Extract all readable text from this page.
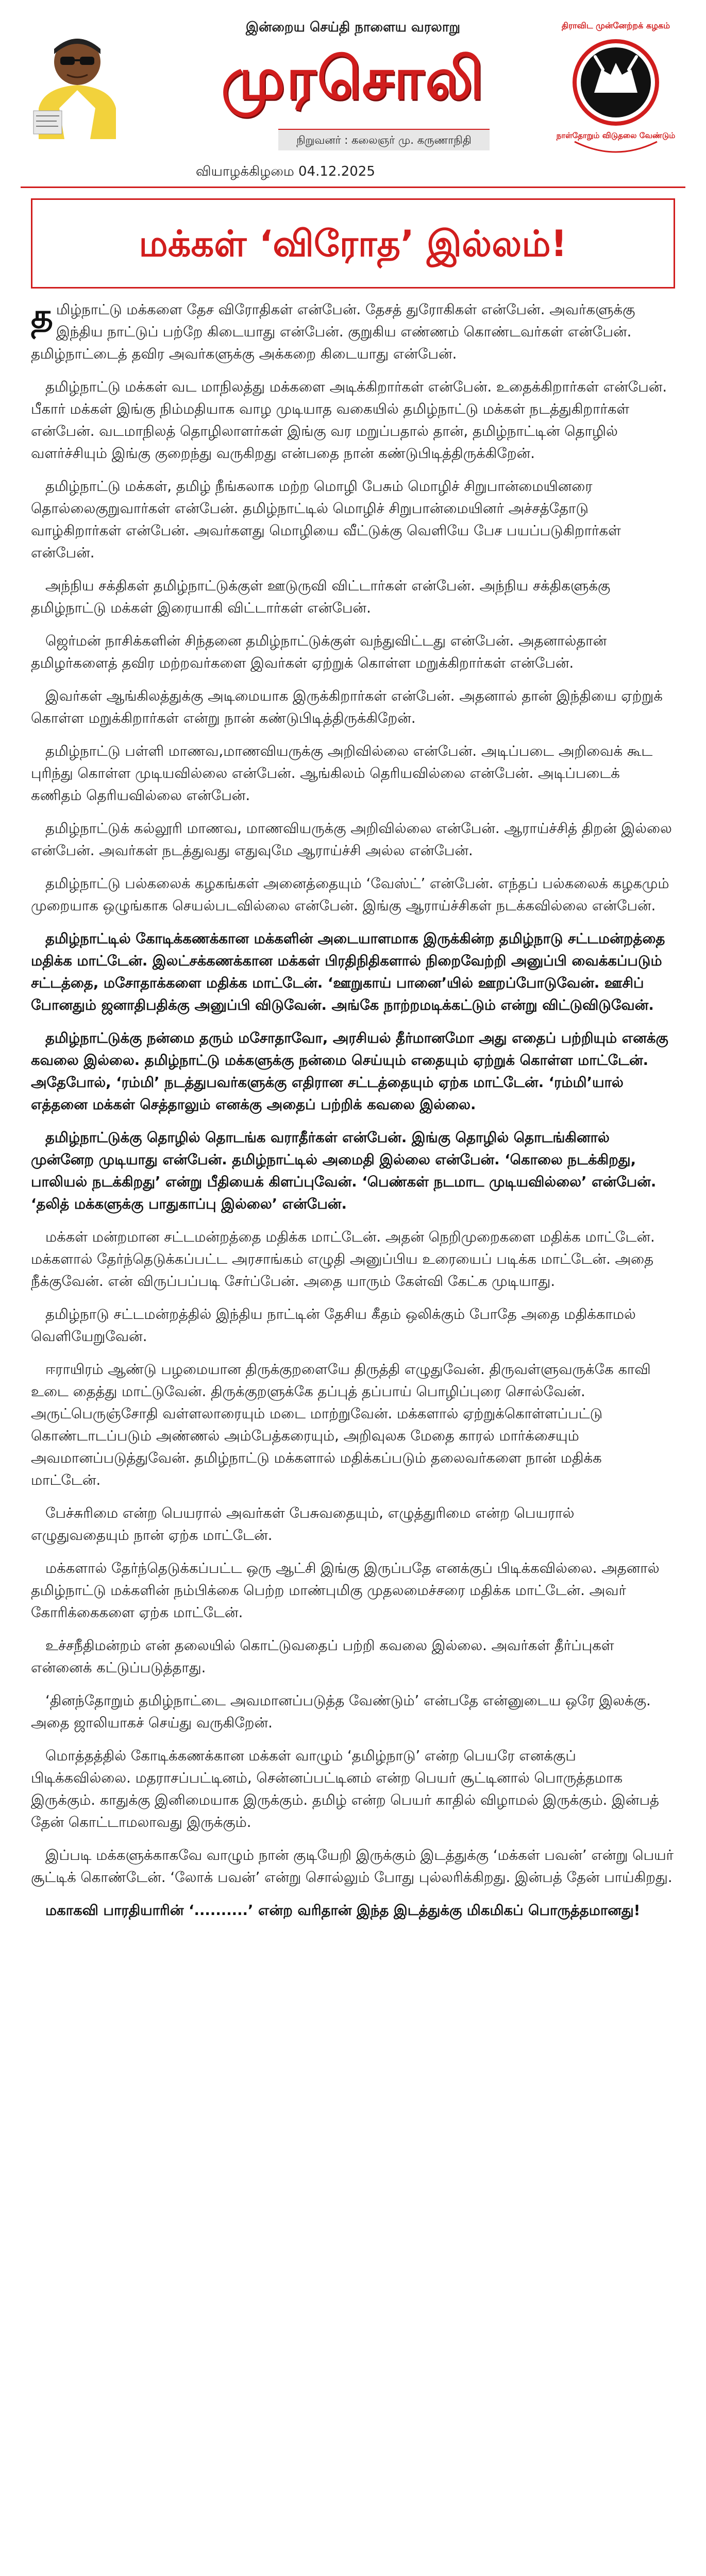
இன்றைய செய்தி நாளைய வரலாறு
முரசொலி
நிறுவனர் : கலைஞர் மு. கருணாநிதி
திராவிட முன்னேற்றக் கழகம்
நாள்தோறும் விடுதலை வேண்டும்
வியாழக்கிழமை 04.12.2025
மக்கள் ‘விரோத’ இல்லம்!

தமிழ்நாட்டு மக்களை தேச விரோதிகள் என்பேன். தேசத் துரோகிகள் என்பேன். அவர்களுக்கு இந்திய நாட்டுப் பற்றே கிடையாது என்பேன். குறுகிய எண்ணம் கொண்டவர்கள் என்பேன். தமிழ்நாட்டைத் தவிர அவர்களுக்கு அக்கறை கிடையாது என்பேன்.

தமிழ்நாட்டு மக்கள் வட மாநிலத்து மக்களை அடிக்கிறார்கள் என்பேன். உதைக்கிறார்கள் என்பேன். பீகார் மக்கள் இங்கு நிம்மதியாக வாழ முடியாத வகையில் தமிழ்நாட்டு மக்கள் நடத்துகிறார்கள் என்பேன். வடமாநிலத் தொழிலாளர்கள் இங்கு வர மறுப்பதால் தான், தமிழ்நாட்டின் தொழில் வளர்ச்சியும் இங்கு குறைந்து வருகிறது என்பதை நான் கண்டுபிடித்திருக்கிறேன்.

தமிழ்நாட்டு மக்கள், தமிழ் நீங்கலாக மற்ற மொழி பேசும் மொழிச் சிறுபான்மையினரை தொல்லைகுறுவார்கள் என்பேன். தமிழ்நாட்டில் மொழிச் சிறுபான்மையினர் அச்சத்தோடு வாழ்கிறார்கள் என்பேன். அவர்களது மொழியை வீட்டுக்கு வெளியே பேச பயப்படுகிறார்கள் என்பேன்.

அந்நிய சக்திகள் தமிழ்நாட்டுக்குள் ஊடுருவி விட்டார்கள் என்பேன். அந்நிய சக்திகளுக்கு தமிழ்நாட்டு மக்கள் இரையாகி விட்டார்கள் என்பேன்.

ஜெர்மன் நாசிக்களின் சிந்தனை தமிழ்நாட்டுக்குள் வந்துவிட்டது என்பேன். அதனால்தான் தமிழர்களைத் தவிர மற்றவர்களை இவர்கள் ஏற்றுக் கொள்ள மறுக்கிறார்கள் என்பேன்.

இவர்கள் ஆங்கிலத்துக்கு அடிமையாக இருக்கிறார்கள் என்பேன். அதனால் தான் இந்தியை ஏற்றுக் கொள்ள மறுக்கிறார்கள் என்று நான் கண்டுபிடித்திருக்கிறேன்.

தமிழ்நாட்டு பள்ளி மாணவ,மாணவியருக்கு அறிவில்லை என்பேன். அடிப்படை அறிவைக் கூட புரிந்து கொள்ள முடியவில்லை என்பேன். ஆங்கிலம் தெரியவில்லை என்பேன். அடிப்படைக் கணிதம் தெரியவில்லை என்பேன்.

தமிழ்நாட்டுக் கல்லூரி மாணவ, மாணவியருக்கு அறிவில்லை என்பேன். ஆராய்ச்சித் திறன் இல்லை என்பேன். அவர்கள் நடத்துவது எதுவுமே ஆராய்ச்சி அல்ல என்பேன்.

தமிழ்நாட்டு பல்கலைக் கழகங்கள் அனைத்தையும் ‘வேஸ்ட்’ என்பேன். எந்தப் பல்கலைக் கழகமும் முறையாக ஒழுங்காக செயல்படவில்லை என்பேன். இங்கு ஆராய்ச்சிகள் நடக்கவில்லை என்பேன்.

தமிழ்நாட்டில் கோடிக்கணக்கான மக்களின் அடையாளமாக இருக்கின்ற தமிழ்நாடு சட்டமன்றத்தை மதிக்க மாட்டேன். இலட்சக்கணக்கான மக்கள் பிரதிநிதிகளால் நிறைவேற்றி அனுப்பி வைக்கப்படும் சட்டத்தை, மசோதாக்களை மதிக்க மாட்டேன். ‘ஊறுகாய் பானை’யில் ஊறப்போடுவேன். ஊசிப் போனதும் ஜனாதிபதிக்கு அனுப்பி விடுவேன். அங்கே நாற்றமடிக்கட்டும் என்று விட்டுவிடுவேன்.

தமிழ்நாட்டுக்கு நன்மை தரும் மசோதாவோ, அரசியல் தீர்மானமோ அது எதைப் பற்றியும் எனக்கு கவலை இல்லை. தமிழ்நாட்டு மக்களுக்கு நன்மை செய்யும் எதையும் ஏற்றுக் கொள்ள மாட்டேன். அதேபோல், ‘ரம்மி’ நடத்துபவர்களுக்கு எதிரான சட்டத்தையும் ஏற்க மாட்டேன். ‘ரம்மி’யால் எத்தனை மக்கள் செத்தாலும் எனக்கு அதைப் பற்றிக் கவலை இல்லை.

தமிழ்நாட்டுக்கு தொழில் தொடங்க வராதீர்கள் என்பேன். இங்கு தொழில் தொடங்கினால் முன்னேற முடியாது என்பேன். தமிழ்நாட்டில் அமைதி இல்லை என்பேன். ‘கொலை நடக்கிறது, பாலியல் நடக்கிறது’ என்று பீதியைக் கிளப்புவேன். ‘பெண்கள் நடமாட முடியவில்லை’ என்பேன். ‘தலித் மக்களுக்கு பாதுகாப்பு இல்லை’ என்பேன்.

மக்கள் மன்றமான சட்டமன்றத்தை மதிக்க மாட்டேன். அதன் நெறிமுறைகளை மதிக்க மாட்டேன். மக்களால் தேர்ந்தெடுக்கப்பட்ட அரசாங்கம் எழுதி அனுப்பிய உரையைப் படிக்க மாட்டேன். அதை நீக்குவேன். என் விருப்பப்படி சேர்ப்பேன். அதை யாரும் கேள்வி கேட்க முடியாது.

தமிழ்நாடு சட்டமன்றத்தில் இந்திய நாட்டின் தேசிய கீதம் ஒலிக்கும் போதே அதை மதிக்காமல் வெளியேறுவேன்.

ஈராயிரம் ஆண்டு பழமையான திருக்குறளையே திருத்தி எழுதுவேன். திருவள்ளுவருக்கே காவி உடை தைத்து மாட்டுவேன். திருக்குறளுக்கே தப்புத் தப்பாய் பொழிப்புரை சொல்வேன். அருட்பெருஞ்சோதி வள்ளலாரையும் மடை மாற்றுவேன். மக்களால் ஏற்றுக்கொள்ளப்பட்டு கொண்டாடப்படும் அண்ணல் அம்பேத்கரையும், அறிவுலக மேதை காரல் மார்க்சையும் அவமானப்படுத்துவேன். தமிழ்நாட்டு மக்களால் மதிக்கப்படும் தலைவர்களை நான் மதிக்க மாட்டேன்.

பேச்சுரிமை என்ற பெயரால் அவர்கள் பேசுவதையும், எழுத்துரிமை என்ற பெயரால் எழுதுவதையும் நான் ஏற்க மாட்டேன்.

மக்களால் தேர்ந்தெடுக்கப்பட்ட ஒரு ஆட்சி இங்கு இருப்பதே எனக்குப் பிடிக்கவில்லை. அதனால் தமிழ்நாட்டு மக்களின் நம்பிக்கை பெற்ற மாண்புமிகு முதலமைச்சரை மதிக்க மாட்டேன். அவர் கோரிக்கைகளை ஏற்க மாட்டேன்.

உச்சநீதிமன்றம் என் தலையில் கொட்டுவதைப் பற்றி கவலை இல்லை. அவர்கள் தீர்ப்புகள் என்னைக் கட்டுப்படுத்தாது.

‘தினந்தோறும் தமிழ்நாட்டை அவமானப்படுத்த வேண்டும்’ என்பதே என்னுடைய ஒரே இலக்கு. அதை ஜாலியாகச் செய்து வருகிறேன்.

மொத்தத்தில் கோடிக்கணக்கான மக்கள் வாழும் ‘தமிழ்நாடு’ என்ற பெயரே எனக்குப் பிடிக்கவில்லை. மதராசப்பட்டினம், சென்னப்பட்டினம் என்ற பெயர் சூட்டினால் பொருத்தமாக இருக்கும். காதுக்கு இனிமையாக இருக்கும். தமிழ் என்ற பெயர் காதில் விழாமல் இருக்கும். இன்பத் தேன் கொட்டாமலாவது இருக்கும்.

இப்படி மக்களுக்காகவே வாழும் நான் குடியேறி இருக்கும் இடத்துக்கு ‘மக்கள் பவன்’ என்று பெயர் சூட்டிக் கொண்டேன். ‘லோக் பவன்’ என்று சொல்லும் போது புல்லரிக்கிறது. இன்பத் தேன் பாய்கிறது.

மகாகவி பாரதியாரின் ‘..........’ என்ற வரிதான் இந்த இடத்துக்கு மிகமிகப் பொருத்தமானது!
